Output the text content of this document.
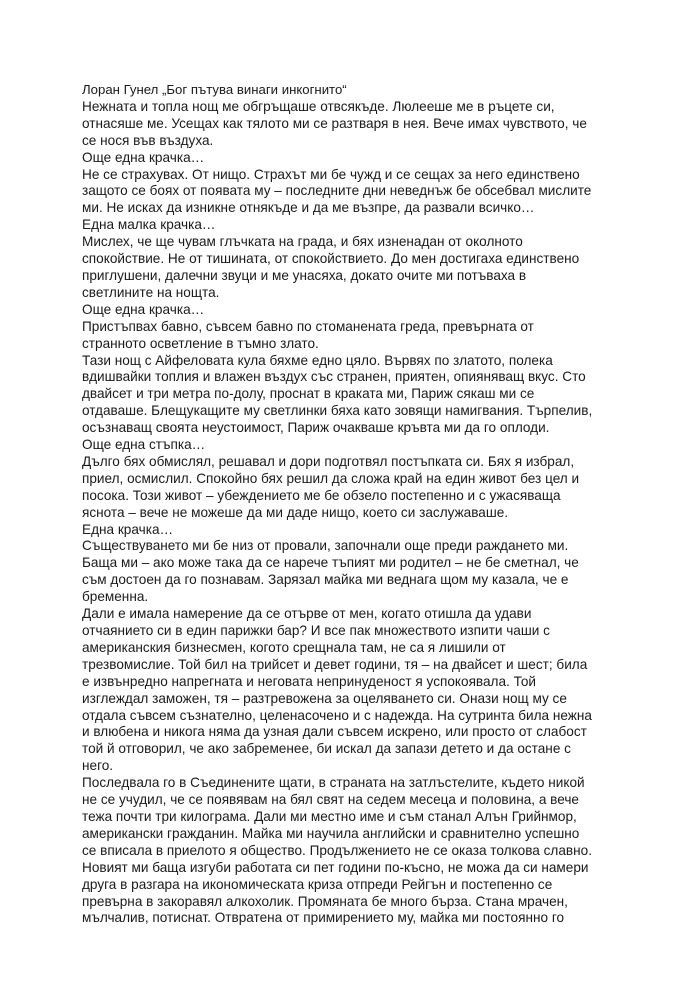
Лоран Гунел „Бог пътува винаги инкогнито“
Нежната и топла нощ ме обгръщаше отвсякъде. Люлееше ме в ръцете си,
отнасяше ме. Усещах как тялото ми се разтваря в нея. Вече имах чувството, че
се нося във въздуха.
Още една крачка…
Не се страхувах. От нищо. Страхът ми бе чужд и се сещах за него единствено
защото се боях от появата му – последните дни неведнъж бе обсебвал мислите
ми. Не исках да изникне отнякъде и да ме възпре, да развали всичко…
Една малка крачка…
Мислех, че ще чувам глъчката на града, и бях изненадан от околното
спокойствие. Не от тишината, от спокойствието. До мен достигаха единствено
приглушени, далечни звуци и ме унасяха, докато очите ми потъваха в
светлините на нощта.
Още една крачка…
Пристъпвах бавно, съвсем бавно по стоманената греда, превърната от
странното осветление в тъмно злато.
Тази нощ с Айфеловата кула бяхме едно цяло. Вървях по златото, полека
вдишвайки топлия и влажен въздух със странен, приятен, опияняващ вкус. Сто
двайсет и три метра по-долу, проснат в краката ми, Париж сякаш ми се
отдаваше. Блещукащите му светлинки бяха като зовящи намигвания. Търпелив,
осъзнаващ своята неустоимост, Париж очакваше кръвта ми да го оплоди.
Още една стъпка…
Дълго бях обмислял, решавал и дори подготвял постъпката си. Бях я избрал,
приел, осмислил. Спокойно бях решил да сложа край на един живот без цел и
посока. Този живот – убеждението ме бе обзело постепенно и с ужасяваща
яснота – вече не можеше да ми даде нищо, което си заслужаваше.
Една крачка…
Съществуването ми бе низ от провали, започнали още преди раждането ми.
Баща ми – ако може така да се нарече тъпият ми родител – не бе сметнал, че
съм достоен да го познавам. Зарязал майка ми веднага щом му казала, че е
бременна.
Дали е имала намерение да се отърве от мен, когато отишла да удави
отчаянието си в един парижки бар? И все пак множеството изпити чаши с
американския бизнесмен, когото срещнала там, не са я лишили от
трезвомислие. Той бил на трийсет и девет години, тя – на двайсет и шест; била
е извънредно напрегната и неговата непринуденост я успокоявала. Той
изглеждал заможен, тя – разтревожена за оцеляването си. Онази нощ му се
отдала съвсем съзнателно, целенасочено и с надежда. На сутринта била нежна
и влюбена и никога няма да узная дали съвсем искрено, или просто от слабост
той й отговорил, че ако забременее, би искал да запази детето и да остане с
него.
Последвала го в Съединените щати, в страната на затлъстелите, където никой
не се учудил, че се появявам на бял свят на седем месеца и половина, а вече
тежа почти три килограма. Дали ми местно име и съм станал Алън Грийнмор,
американски гражданин. Майка ми научила английски и сравнително успешно
се вписала в приелото я общество. Продължението не се оказа толкова славно.
Новият ми баща изгуби работата си пет години по-късно, не можа да си намери
друга в разгара на икономическата криза отпреди Рейгън и постепенно се
превърна в закоравял алкохолик. Промяната бе много бърза. Стана мрачен,
мълчалив, потиснат. Отвратена от примирението му, майка ми постоянно го
